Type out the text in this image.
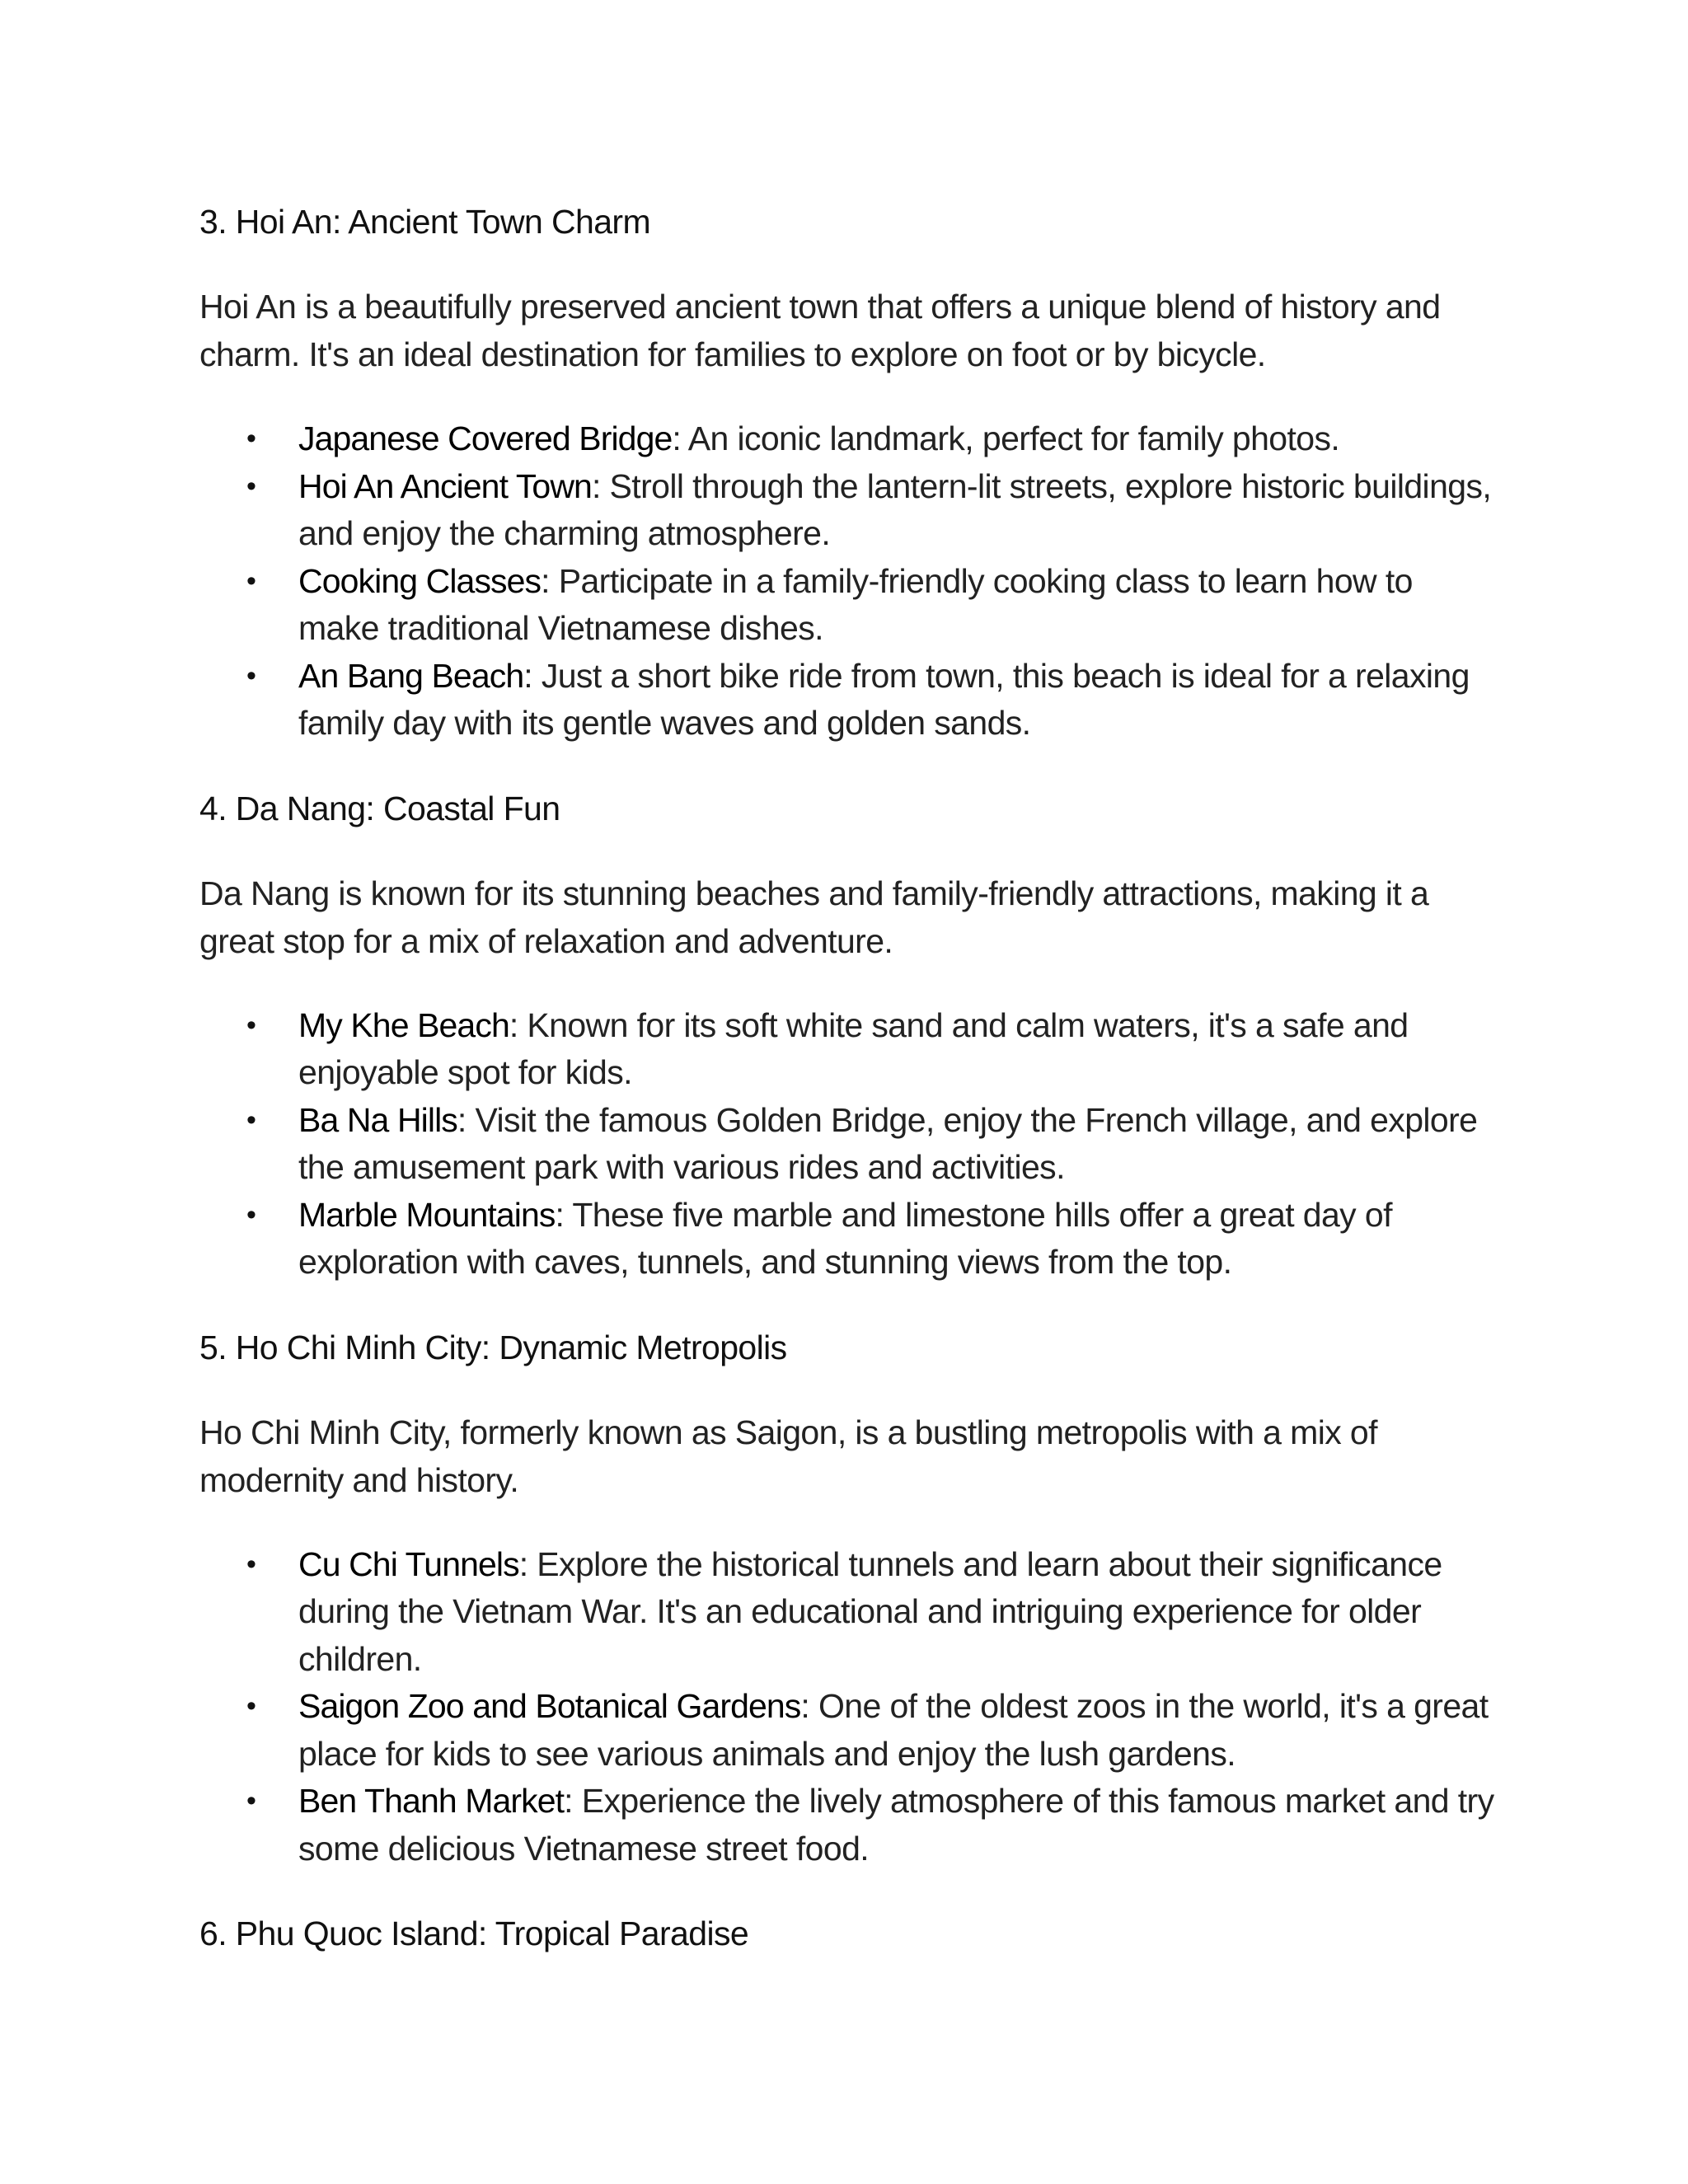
3. Hoi An: Ancient Town Charm

Hoi An is a beautifully preserved ancient town that offers a unique blend of history and charm. It's an ideal destination for families to explore on foot or by bicycle.

• Japanese Covered Bridge: An iconic landmark, perfect for family photos.
• Hoi An Ancient Town: Stroll through the lantern-lit streets, explore historic buildings, and enjoy the charming atmosphere.
• Cooking Classes: Participate in a family-friendly cooking class to learn how to make traditional Vietnamese dishes.
• An Bang Beach: Just a short bike ride from town, this beach is ideal for a relaxing family day with its gentle waves and golden sands.
4. Da Nang: Coastal Fun

Da Nang is known for its stunning beaches and family-friendly attractions, making it a great stop for a mix of relaxation and adventure.

• My Khe Beach: Known for its soft white sand and calm waters, it's a safe and enjoyable spot for kids.
• Ba Na Hills: Visit the famous Golden Bridge, enjoy the French village, and explore the amusement park with various rides and activities.
• Marble Mountains: These five marble and limestone hills offer a great day of exploration with caves, tunnels, and stunning views from the top.
5. Ho Chi Minh City: Dynamic Metropolis

Ho Chi Minh City, formerly known as Saigon, is a bustling metropolis with a mix of modernity and history.

• Cu Chi Tunnels: Explore the historical tunnels and learn about their significance during the Vietnam War. It's an educational and intriguing experience for older children.
• Saigon Zoo and Botanical Gardens: One of the oldest zoos in the world, it's a great place for kids to see various animals and enjoy the lush gardens.
• Ben Thanh Market: Experience the lively atmosphere of this famous market and try some delicious Vietnamese street food.
6. Phu Quoc Island: Tropical Paradise
